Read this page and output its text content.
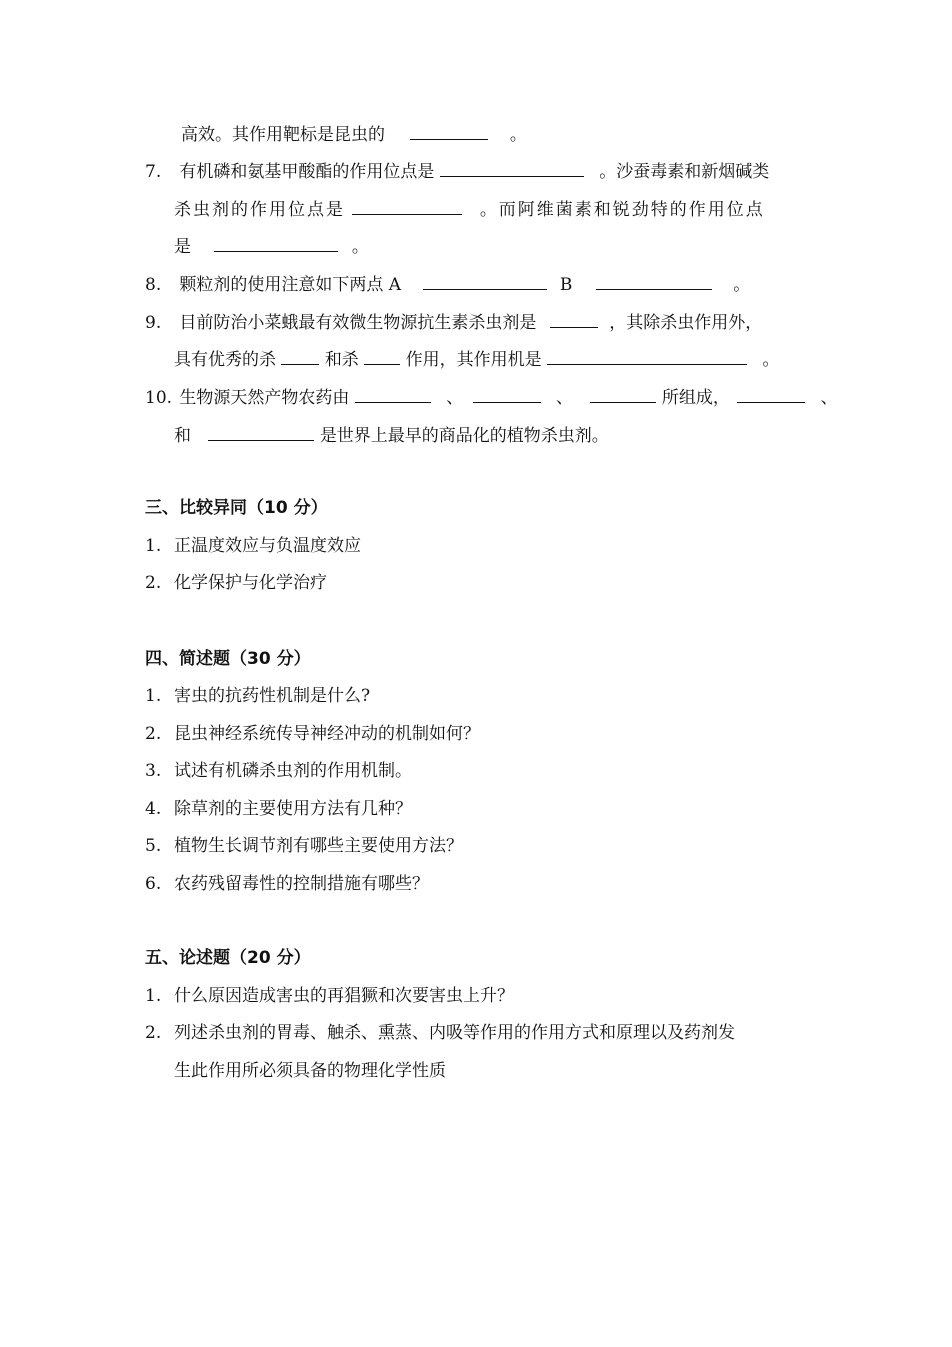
高效。其作用靶标是昆虫的	。
7. 有机磷和氨基甲酸酯的作用位点是	。沙蚕毒素和新烟碱类
杀虫剂的作用位点是	。而阿维菌素和锐劲特的作用位点
是	。
8. 颗粒剂的使用注意如下两点 A	B	。
9. 目前防治小菜蛾最有效微生物源抗生素杀虫剂是	，其除杀虫作用外，
具有优秀的杀	和杀	作用，其作用机是	。
10. 生物源天然产物农药由	、	、	所组成，	、
和	是世界上最早的商品化的植物杀虫剂。
三、比较异同（10 分）
1. 正温度效应与负温度效应
2. 化学保护与化学治疗
四、简述题（30 分）
1. 害虫的抗药性机制是什么?
2. 昆虫神经系统传导神经冲动的机制如何？
3. 试述有机磷杀虫剂的作用机制。
4. 除草剂的主要使用方法有几种？
5. 植物生长调节剂有哪些主要使用方法？
6. 农药残留毒性的控制措施有哪些？
五、论述题（20 分）
1. 什么原因造成害虫的再猖獗和次要害虫上升？
2. 列述杀虫剂的胃毒、触杀、熏蒸、内吸等作用的作用方式和原理以及药剂发
生此作用所必须具备的物理化学性质
